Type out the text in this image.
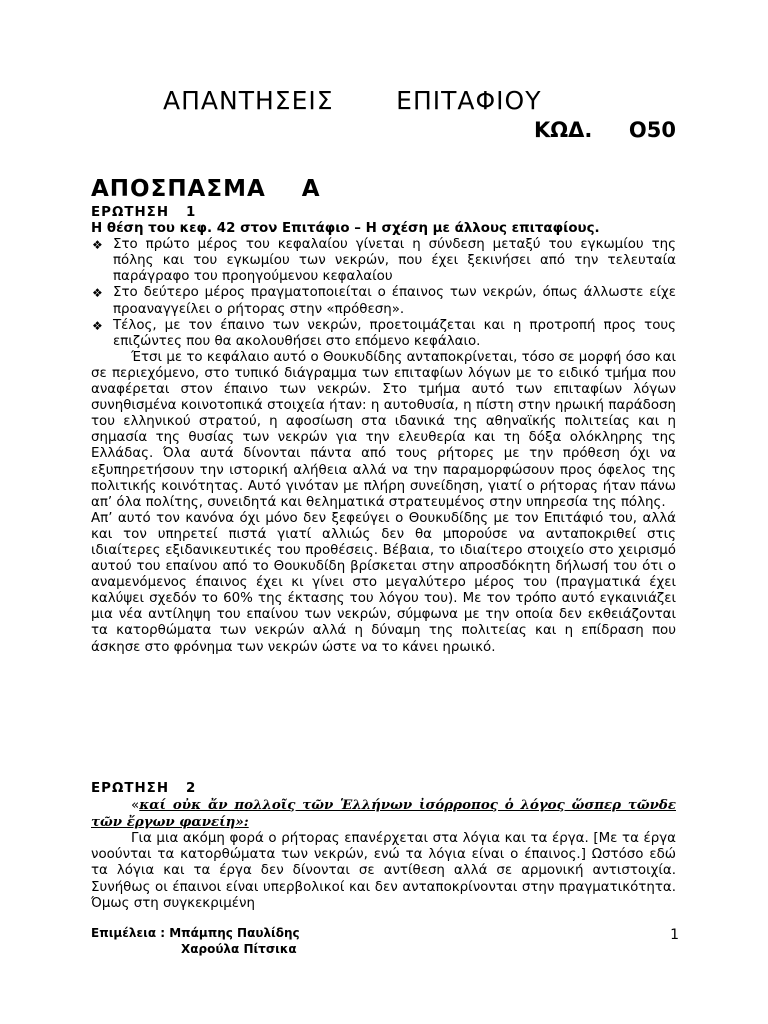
ΑΠΑΝΤΗΣΕΙΣ       ΕΠΙΤΑΦΙΟΥ
ΚΩΔ.     Ο50
ΑΠΟΣΠΑΣΜΑ    Α
ΕΡΩΤΗΣΗ   1

Η θέση του κεφ. 42 στον Επιτάφιο – Η σχέση με άλλους επιταφίους.

❖ Στο πρώτο μέρος του κεφαλαίου γίνεται η σύνδεση μεταξύ του εγκωμίου της πόλης και του εγκωμίου των νεκρών, που έχει ξεκινήσει από την τελευταία παράγραφο του προηγούμενου κεφαλαίου
❖ Στο δεύτερο μέρος πραγματοποιείται ο έπαινος των νεκρών, όπως άλλωστε είχε προαναγγείλει ο ρήτορας στην «πρόθεση».
❖ Τέλος, με τον έπαινο των νεκρών, προετοιμάζεται και η προτροπή προς τους επιζώντες που θα ακολουθήσει στο επόμενο κεφάλαιο.

Έτσι με το κεφάλαιο αυτό ο Θουκυδίδης ανταποκρίνεται, τόσο σε μορφή όσο και σε περιεχόμενο, στο τυπικό διάγραμμα των επιταφίων λόγων με το ειδικό τμήμα που αναφέρεται στον έπαινο των νεκρών. Στο τμήμα αυτό των επιταφίων λόγων συνηθισμένα κοινοτοπικά στοιχεία ήταν: η αυτοθυσία, η πίστη στην ηρωική παράδοση του ελληνικού στρατού, η αφοσίωση στα ιδανικά της αθηναϊκής πολιτείας και η σημασία της θυσίας των νεκρών για την ελευθερία και τη δόξα ολόκληρης της Ελλάδας. Όλα αυτά δίνονται πάντα από τους ρήτορες με την πρόθεση όχι να εξυπηρετήσουν την ιστορική αλήθεια αλλά να την παραμορφώσουν προς όφελος της πολιτικής κοινότητας. Αυτό γινόταν με πλήρη συνείδηση, γιατί ο ρήτορας ήταν πάνω απ’ όλα πολίτης, συνειδητά και θεληματικά στρατευμένος στην υπηρεσία της πόλης.

Απ’ αυτό τον κανόνα όχι μόνο δεν ξεφεύγει ο Θουκυδίδης με τον Επιτάφιό του, αλλά και τον υπηρετεί πιστά γιατί αλλιώς δεν θα μπορούσε να ανταποκριθεί στις ιδιαίτερες εξιδανικευτικές του προθέσεις. Βέβαια, το ιδιαίτερο στοιχείο στο χειρισμό αυτού του επαίνου από το Θουκυδίδη βρίσκεται στην απροσδόκητη δήλωσή του ότι ο αναμενόμενος έπαινος έχει κι γίνει στο μεγαλύτερο μέρος του (πραγματικά έχει καλύψει σχεδόν το 60% της έκτασης του λόγου του). Με τον τρόπο αυτό εγκαινιάζει μια νέα αντίληψη του επαίνου των νεκρών, σύμφωνα με την οποία δεν εκθειάζονται τα κατορθώματα των νεκρών αλλά η δύναμη της πολιτείας και η επίδραση που άσκησε στο φρόνημα των νεκρών ώστε να το κάνει ηρωικό.

ΕΡΩΤΗΣΗ   2

«καί οὐκ ἄν πολλοῖς τῶν Ἑλλήνων ἰσόρροπος ὁ λόγος ὥσπερ τῶνδε τῶν ἔργων φανείη»:

Για μια ακόμη φορά ο ρήτορας επανέρχεται στα λόγια και τα έργα. [Με τα έργα νοούνται τα κατορθώματα των νεκρών, ενώ τα λόγια είναι ο έπαινος.] Ωστόσο εδώ τα λόγια και τα έργα δεν δίνονται σε αντίθεση αλλά σε αρμονική αντιστοιχία. Συνήθως οι έπαινοι είναι υπερβολικοί και δεν ανταποκρίνονται στην πραγματικότητα. Όμως στη συγκεκριμένη

Επιμέλεια : Μπάμπης Παυλίδης
Χαρούλα Πίτσικα
1
